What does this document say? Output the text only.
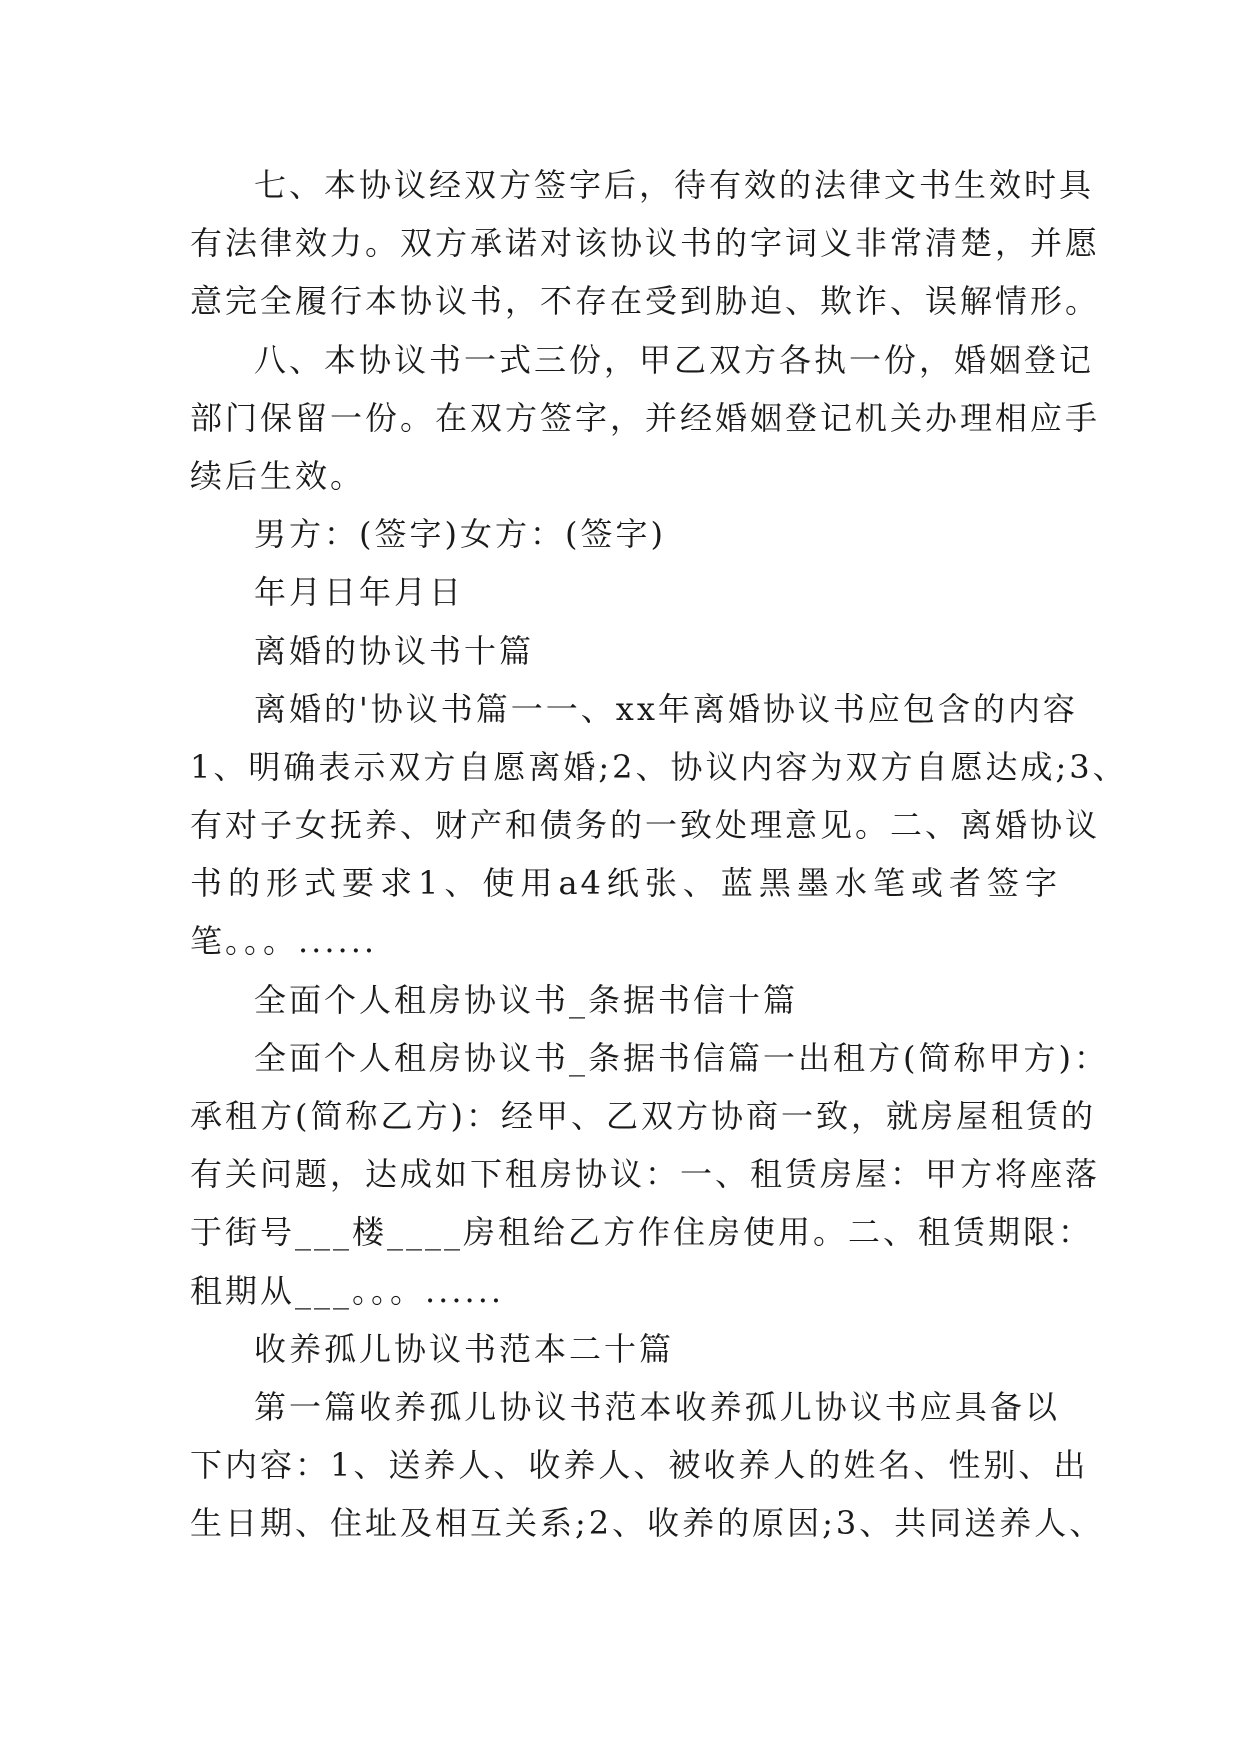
七、本协议经双方签字后，待有效的法律文书生效时具
有法律效力。双方承诺对该协议书的字词义非常清楚，并愿
意完全履行本协议书，不存在受到胁迫、欺诈、误解情形。
八、本协议书一式三份，甲乙双方各执一份，婚姻登记
部门保留一份。在双方签字，并经婚姻登记机关办理相应手
续后生效。
男方：(签字)女方：(签字)
年月日年月日
离婚的协议书十篇
离婚的'协议书篇一一、xx年离婚协议书应包含的内容
1、明确表示双方自愿离婚;2、协议内容为双方自愿达成;3、
有对子女抚养、财产和债务的一致处理意见。二、离婚协议
书的形式要求1、使用a4纸张、蓝黑墨水笔或者签字
笔。。。......
全面个人租房协议书_条据书信十篇
全面个人租房协议书_条据书信篇一出租方(简称甲方)：
承租方(简称乙方)：经甲、乙双方协商一致，就房屋租赁的
有关问题，达成如下租房协议：一、租赁房屋：甲方将座落
于街号___楼____房租给乙方作住房使用。二、租赁期限：
租期从___。。。......
收养孤儿协议书范本二十篇
第一篇收养孤儿协议书范本收养孤儿协议书应具备以
下内容：1、送养人、收养人、被收养人的姓名、性别、出
生日期、住址及相互关系;2、收养的原因;3、共同送养人、
